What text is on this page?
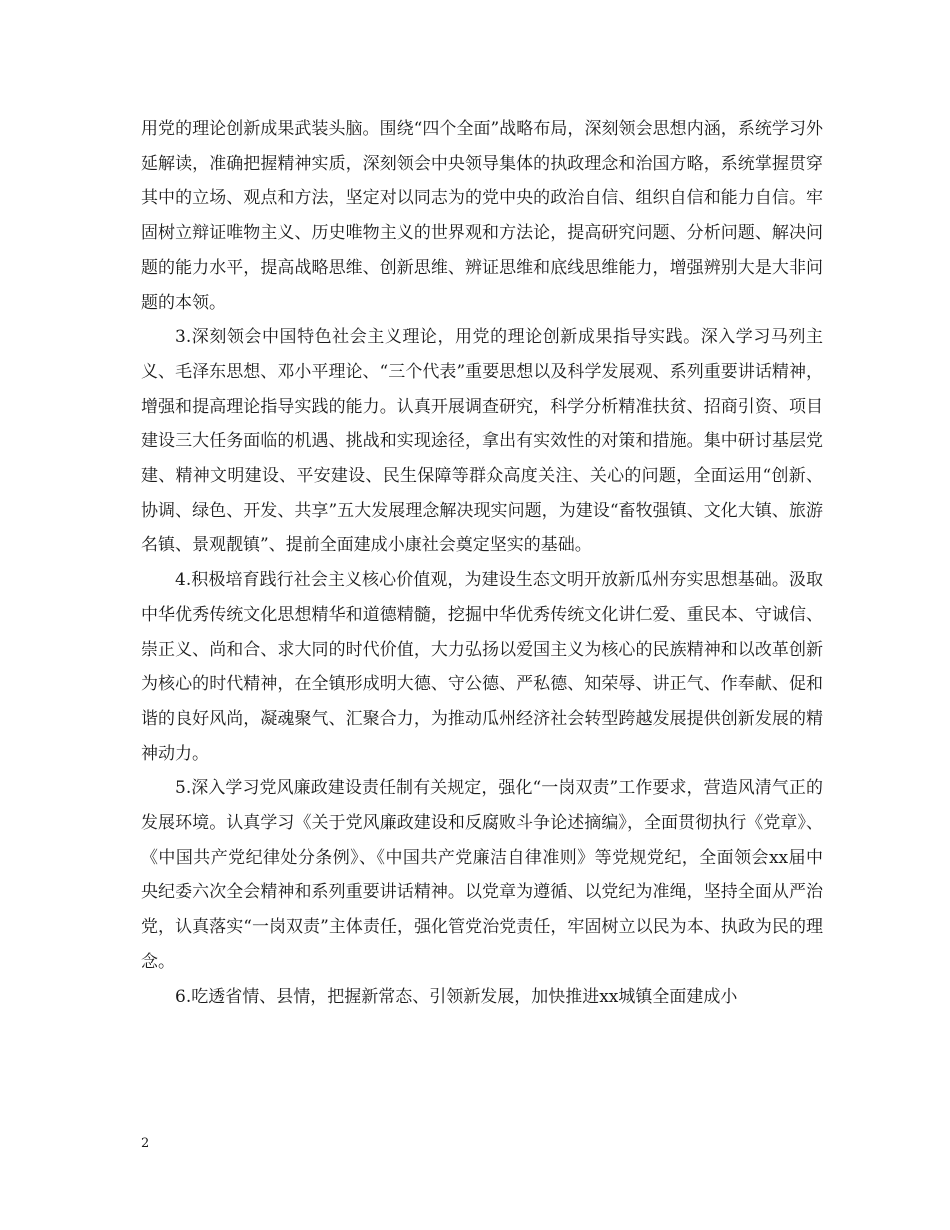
用党的理论创新成果武装头脑。围绕“四个全面”战略布局，深刻领会思想内涵，系统学习外延解读，准确把握精神实质，深刻领会中央领导集体的执政理念和治国方略，系统掌握贯穿其中的立场、观点和方法，坚定对以同志为的党中央的政治自信、组织自信和能力自信。牢固树立辩证唯物主义、历史唯物主义的世界观和方法论，提高研究问题、分析问题、解决问题的能力水平，提高战略思维、创新思维、辨证思维和底线思维能力，增强辨别大是大非问题的本领。

3.深刻领会中国特色社会主义理论，用党的理论创新成果指导实践。深入学习马列主义、毛泽东思想、邓小平理论、“三个代表”重要思想以及科学发展观、系列重要讲话精神，增强和提高理论指导实践的能力。认真开展调查研究，科学分析精准扶贫、招商引资、项目建设三大任务面临的机遇、挑战和实现途径，拿出有实效性的对策和措施。集中研讨基层党建、精神文明建设、平安建设、民生保障等群众高度关注、关心的问题，全面运用“创新、协调、绿色、开发、共享”五大发展理念解决现实问题，为建设“畜牧强镇、文化大镇、旅游名镇、景观靓镇”、提前全面建成小康社会奠定坚实的基础。

4.积极培育践行社会主义核心价值观，为建设生态文明开放新瓜州夯实思想基础。汲取中华优秀传统文化思想精华和道德精髓，挖掘中华优秀传统文化讲仁爱、重民本、守诚信、崇正义、尚和合、求大同的时代价值，大力弘扬以爱国主义为核心的民族精神和以改革创新为核心的时代精神，在全镇形成明大德、守公德、严私德、知荣辱、讲正气、作奉献、促和谐的良好风尚，凝魂聚气、汇聚合力，为推动瓜州经济社会转型跨越发展提供创新发展的精神动力。

5.深入学习党风廉政建设责任制有关规定，强化“一岗双责”工作要求，营造风清气正的发展环境。认真学习《关于党风廉政建设和反腐败斗争论述摘编》，全面贯彻执行《党章》、《中国共产党纪律处分条例》、《中国共产党廉洁自律准则》等党规党纪，全面领会xx届中央纪委六次全会精神和系列重要讲话精神。以党章为遵循、以党纪为准绳，坚持全面从严治党，认真落实“一岗双责”主体责任，强化管党治党责任，牢固树立以民为本、执政为民的理念。

6.吃透省情、县情，把握新常态、引领新发展，加快推进xx城镇全面建成小

2
